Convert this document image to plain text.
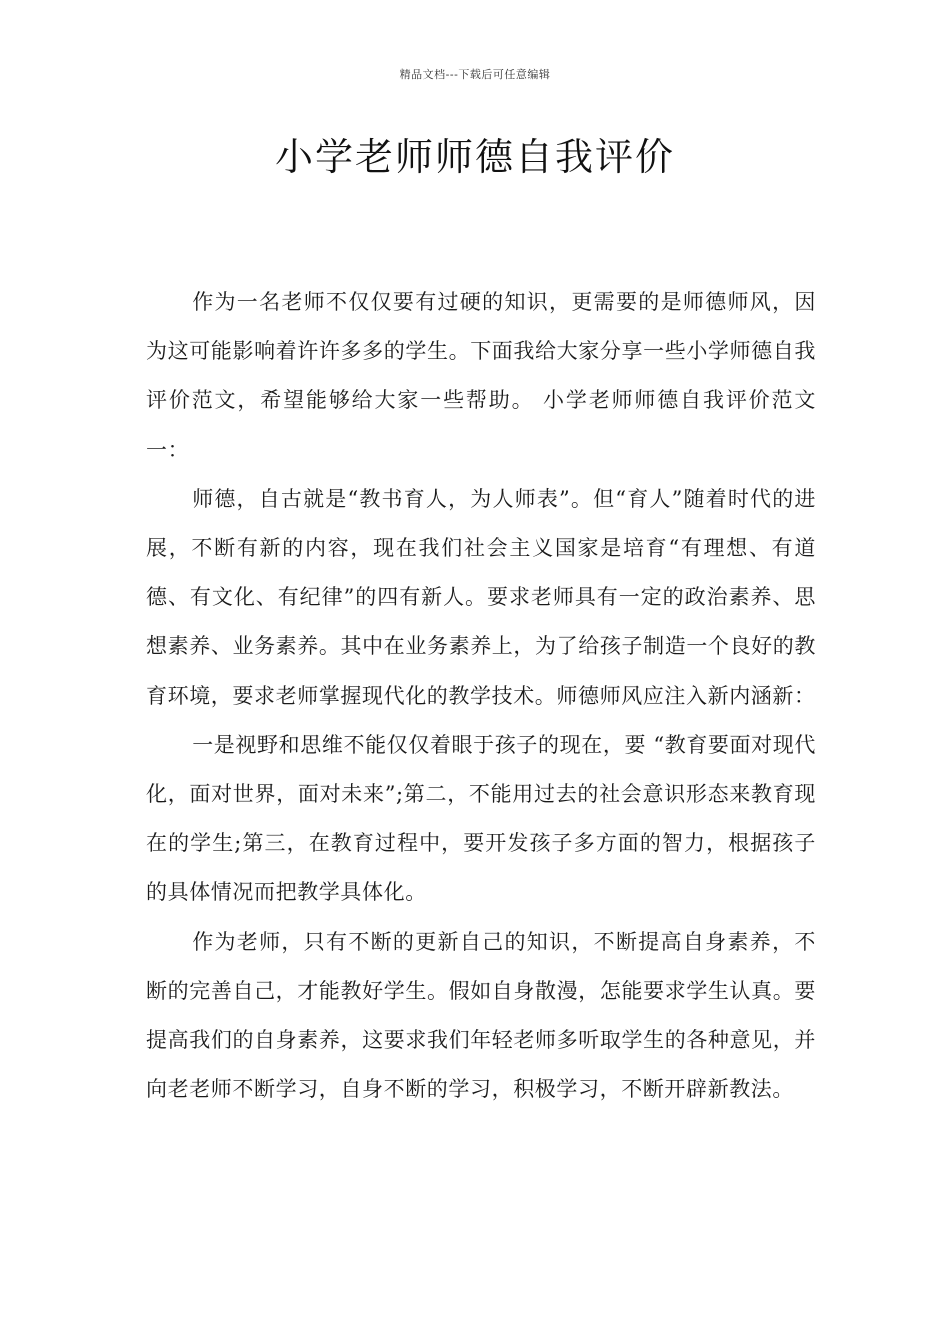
精品文档---下载后可任意编辑
小学老师师德自我评价

作为一名老师不仅仅要有过硬的知识，更需要的是师德师风，因为这可能影响着许许多多的学生。下面我给大家分享一些小学师德自我评价范文，希望能够给大家一些帮助。 小学老师师德自我评价范文一：

师德，自古就是“教书育人，为人师表”。但“育人”随着时代的进展，不断有新的内容，现在我们社会主义国家是培育“有理想、有道德、有文化、有纪律”的四有新人。要求老师具有一定的政治素养、思想素养、业务素养。其中在业务素养上，为了给孩子制造一个良好的教育环境，要求老师掌握现代化的教学技术。师德师风应注入新内涵新：

一是视野和思维不能仅仅着眼于孩子的现在，要 “教育要面对现代化，面对世界，面对未来”;第二，不能用过去的社会意识形态来教育现在的学生;第三，在教育过程中，要开发孩子多方面的智力，根据孩子的具体情况而把教学具体化。

作为老师，只有不断的更新自己的知识，不断提高自身素养，不断的完善自己，才能教好学生。假如自身散漫，怎能要求学生认真。要提高我们的自身素养，这要求我们年轻老师多听取学生的各种意见，并向老老师不断学习，自身不断的学习，积极学习，不断开辟新教法。
